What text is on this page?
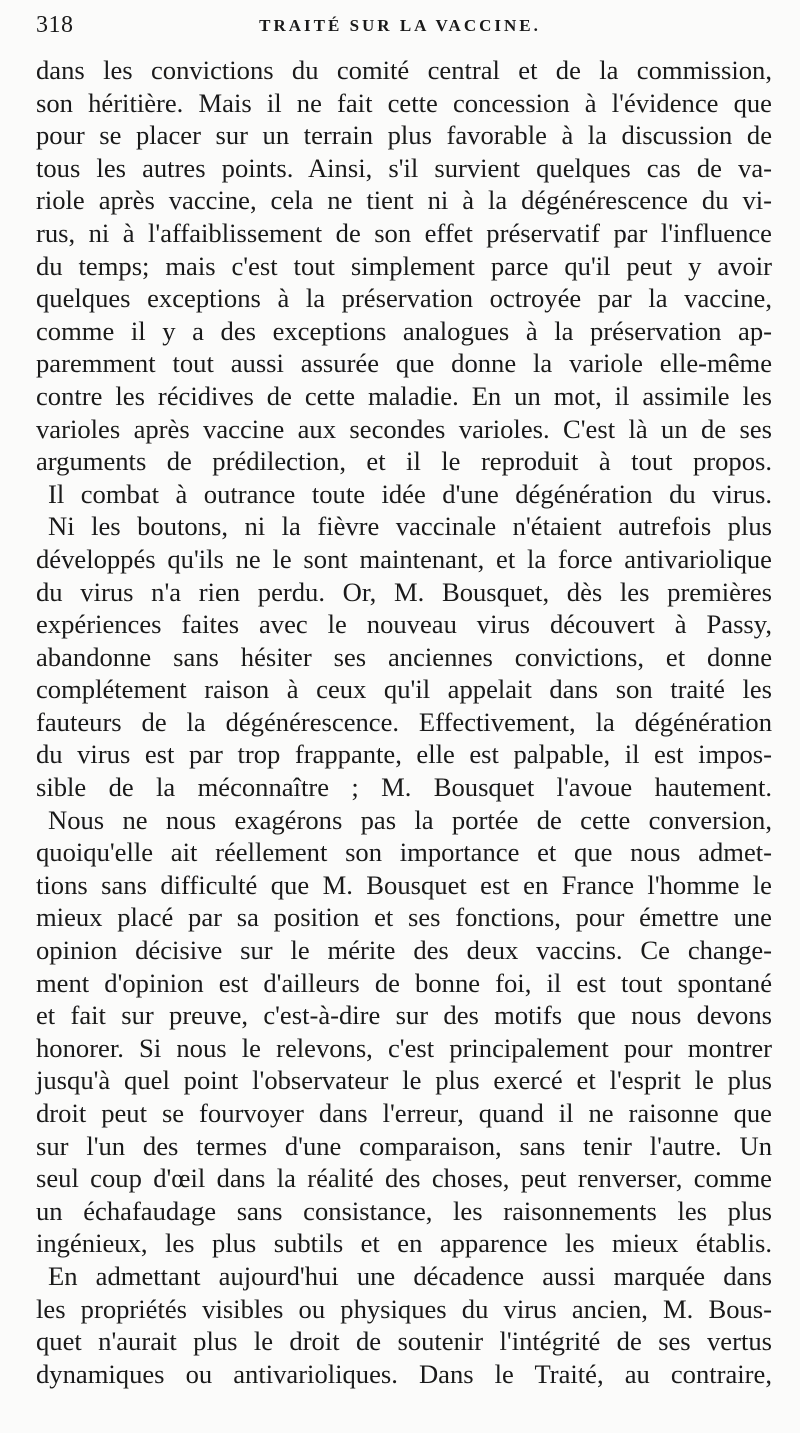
318	TRAITÉ SUR LA VACCINE.
dans les convictions du comité central et de la commission,
son héritière. Mais il ne fait cette concession à l'évidence que
pour se placer sur un terrain plus favorable à la discussion de
tous les autres points. Ainsi, s'il survient quelques cas de va-
riole après vaccine, cela ne tient ni à la dégénérescence du vi-
rus, ni à l'affaiblissement de son effet préservatif par l'influence
du temps; mais c'est tout simplement parce qu'il peut y avoir
quelques exceptions à la préservation octroyée par la vaccine,
comme il y a des exceptions analogues à la préservation ap-
paremment tout aussi assurée que donne la variole elle-même
contre les récidives de cette maladie. En un mot, il assimile les
varioles après vaccine aux secondes varioles. C'est là un de ses
arguments de prédilection, et il le reproduit à tout propos.
Il combat à outrance toute idée d'une dégénération du virus.
Ni les boutons, ni la fièvre vaccinale n'étaient autrefois plus
développés qu'ils ne le sont maintenant, et la force antivariolique
du virus n'a rien perdu. Or, M. Bousquet, dès les premières
expériences faites avec le nouveau virus découvert à Passy,
abandonne sans hésiter ses anciennes convictions, et donne
complétement raison à ceux qu'il appelait dans son traité les
fauteurs de la dégénérescence. Effectivement, la dégénération
du virus est par trop frappante, elle est palpable, il est impos-
sible de la méconnaître ; M. Bousquet l'avoue hautement.
Nous ne nous exagérons pas la portée de cette conversion,
quoiqu'elle ait réellement son importance et que nous admet-
tions sans difficulté que M. Bousquet est en France l'homme le
mieux placé par sa position et ses fonctions, pour émettre une
opinion décisive sur le mérite des deux vaccins. Ce change-
ment d'opinion est d'ailleurs de bonne foi, il est tout spontané
et fait sur preuve, c'est-à-dire sur des motifs que nous devons
honorer. Si nous le relevons, c'est principalement pour montrer
jusqu'à quel point l'observateur le plus exercé et l'esprit le plus
droit peut se fourvoyer dans l'erreur, quand il ne raisonne que
sur l'un des termes d'une comparaison, sans tenir l'autre. Un
seul coup d'œil dans la réalité des choses, peut renverser, comme
un échafaudage sans consistance, les raisonnements les plus
ingénieux, les plus subtils et en apparence les mieux établis.
En admettant aujourd'hui une décadence aussi marquée dans
les propriétés visibles ou physiques du virus ancien, M. Bous-
quet n'aurait plus le droit de soutenir l'intégrité de ses vertus
dynamiques ou antivarioliques. Dans le Traité, au contraire,
